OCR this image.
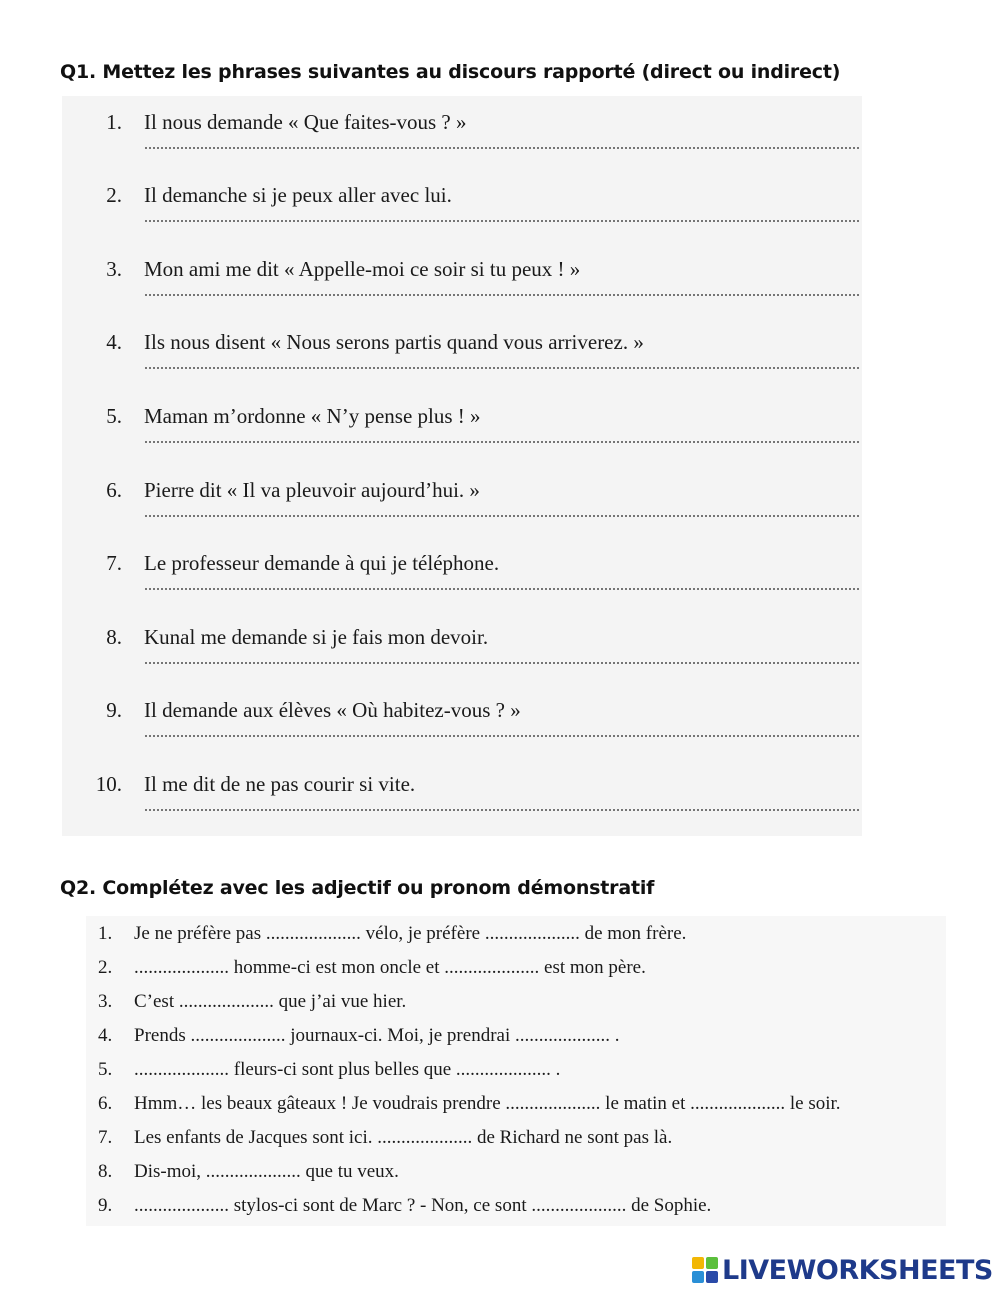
Q1. Mettez les phrases suivantes au discours rapporté (direct ou indirect)
1. Il nous demande « Que faites-vous ? »
2. Il demanche si je peux aller avec lui.
3. Mon ami me dit « Appelle-moi ce soir si tu peux ! »
4. Ils nous disent « Nous serons partis quand vous arriverez. »
5. Maman m’ordonne « N’y pense plus ! »
6. Pierre dit « Il va pleuvoir aujourd’hui. »
7. Le professeur demande à qui je téléphone.
8. Kunal me demande si je fais mon devoir.
9. Il demande aux élèves « Où habitez-vous ? »
10. Il me dit de ne pas courir si vite.
Q2. Complétez avec les adjectif ou pronom démonstratif
1. Je ne préfère pas .................... vélo, je préfère .................... de mon frère.
2. .................... homme-ci est mon oncle et .................... est mon père.
3. C’est .................... que j’ai vue hier.
4. Prends .................... journaux-ci. Moi, je prendrai .................... .
5. .................... fleurs-ci sont plus belles que .................... .
6. Hmm… les beaux gâteaux ! Je voudrais prendre .................... le matin et .................... le soir.
7. Les enfants de Jacques sont ici. .................... de Richard ne sont pas là.
8. Dis-moi, .................... que tu veux.
9. .................... stylos-ci sont de Marc ? - Non, ce sont .................... de Sophie.
LIVEWORKSHEETS
